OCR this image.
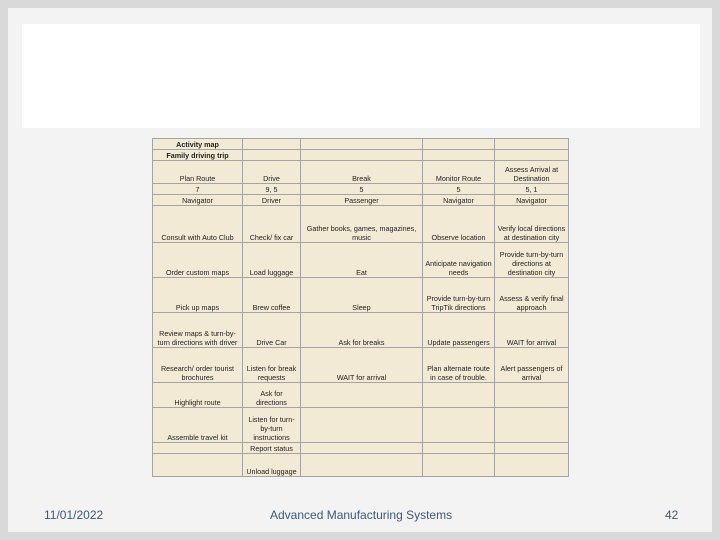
Activity map				
Family driving trip				
Plan Route	Drive	Break	Monitor Route	Assess Arrival at Destination
7	9, 5	5	5	5, 1
Navigator	Driver	Passenger	Navigator	Navigator
Consult with Auto Club	Check/ fix car	Gather books, games, magazines, music	Observe location	Verify local directions at destination city
Order custom maps	Load luggage	Eat	Anticipate navigation needs	Provide turn-by-turn directions at destination city
Pick up maps	Brew coffee	Sleep	Provide turn-by-turn TripTik directions	Assess & verify final approach
Review maps & turn-by-turn directions with driver	Drive Car	Ask for breaks	Update passengers	WAIT for arrival
Research/ order tourist brochures	Listen for break requests	WAIT for arrival	Plan alternate route in case of trouble.	Alert passengers of arrival
Highlight route	Ask for directions			
Assemble travel kit	Listen for turn-by-turn instructions			
	Report status			
	Unload luggage			
11/01/2022	Advanced Manufacturing Systems	42
